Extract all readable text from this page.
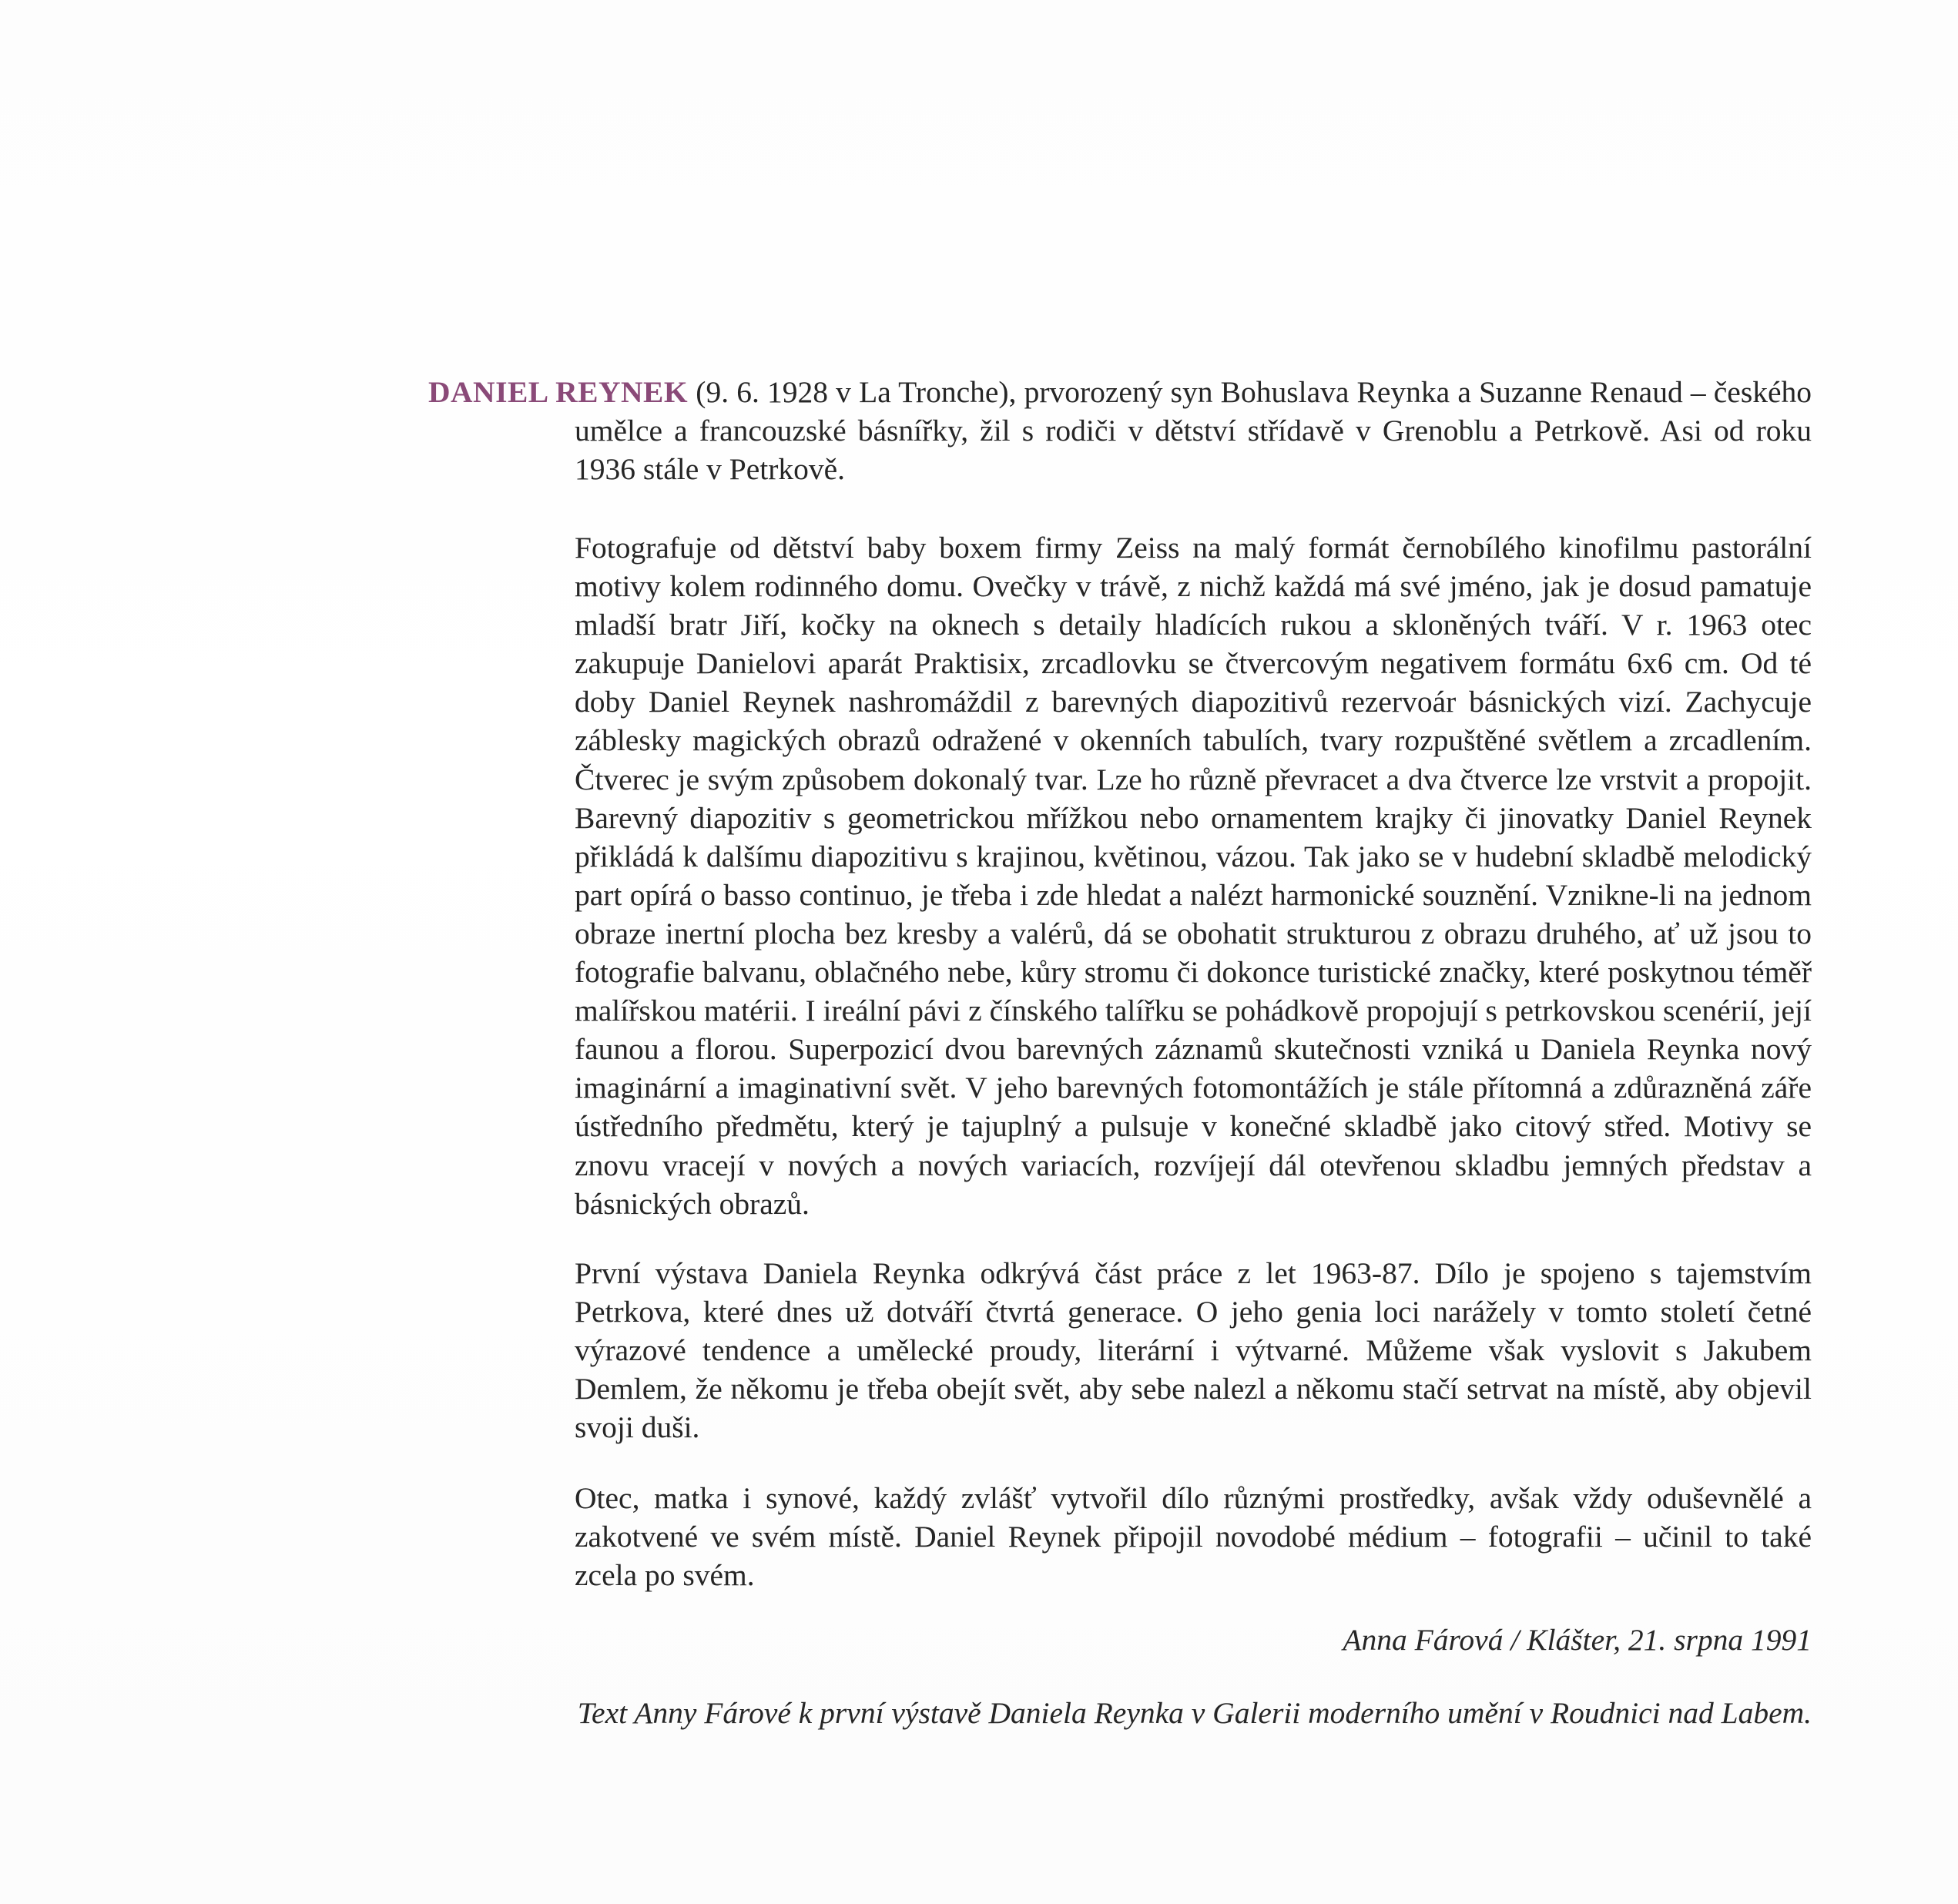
DANIEL REYNEK (9. 6. 1928 v La Tronche), prvorozený syn Bohuslava Reynka a Suzanne Renaud – českého umělce a francouzské básnířky, žil s rodiči v dětství střídavě v Grenoblu a Petrkově. Asi od roku 1936 stále v Petrkově.

Fotografuje od dětství baby boxem firmy Zeiss na malý formát černobílého kinofilmu pastorální motivy kolem rodinného domu. Ovečky v trávě, z nichž každá má své jméno, jak je dosud pamatuje mladší bratr Jiří, kočky na oknech s detaily hladících rukou a skloněných tváří. V r. 1963 otec zakupuje Danielovi aparát Praktisix, zrcadlovku se čtvercovým negativem formátu 6x6 cm. Od té doby Daniel Reynek nashromáždil z barevných diapozitivů rezervoár básnických vizí. Zachycuje záblesky magických obrazů odražené v okenních tabulích, tvary rozpuštěné světlem a zrcadlením. Čtverec je svým způsobem dokonalý tvar. Lze ho různě převracet a dva čtverce lze vrstvit a propojit. Barevný diapozitiv s geometrickou mřížkou nebo ornamentem krajky či jinovatky Daniel Reynek přikládá k dalšímu diapozitivu s krajinou, květinou, vázou. Tak jako se v hudební skladbě melodický part opírá o basso continuo, je třeba i zde hledat a nalézt harmonické souznění. Vznikne-li na jednom obraze inertní plocha bez kresby a valérů, dá se obohatit strukturou z obrazu druhého, ať už jsou to fotografie balvanu, oblačného nebe, kůry stromu či dokonce turistické značky, které poskytnou téměř malířskou matérii. I ireální pávi z čínského talířku se pohádkově propojují s petrkovskou scenérií, její faunou a florou. Superpozicí dvou barevných záznamů skutečnosti vzniká u Daniela Reynka nový imaginární a imaginativní svět. V jeho barevných fotomontážích je stále přítomná a zdůrazněná záře ústředního předmětu, který je tajuplný a pulsuje v konečné skladbě jako citový střed. Motivy se znovu vracejí v nových a nových variacích, rozvíjejí dál otevřenou skladbu jemných představ a básnických obrazů.

První výstava Daniela Reynka odkrývá část práce z let 1963-87. Dílo je spojeno s tajemstvím Petrkova, které dnes už dotváří čtvrtá generace. O jeho genia loci narážely v tomto století četné výrazové tendence a umělecké proudy, literární i výtvarné. Můžeme však vyslovit s Jakubem Demlem, že někomu je třeba obejít svět, aby sebe nalezl a někomu stačí setrvat na místě, aby objevil svoji duši.

Otec, matka i synové, každý zvlášť vytvořil dílo různými prostředky, avšak vždy oduševnělé a zakotvené ve svém místě. Daniel Reynek připojil novodobé médium – fotografii – učinil to také zcela po svém.

Anna Fárová / Klášter, 21. srpna 1991
Text Anny Fárové k první výstavě Daniela Reynka v Galerii moderního umění v Roudnici nad Labem.
